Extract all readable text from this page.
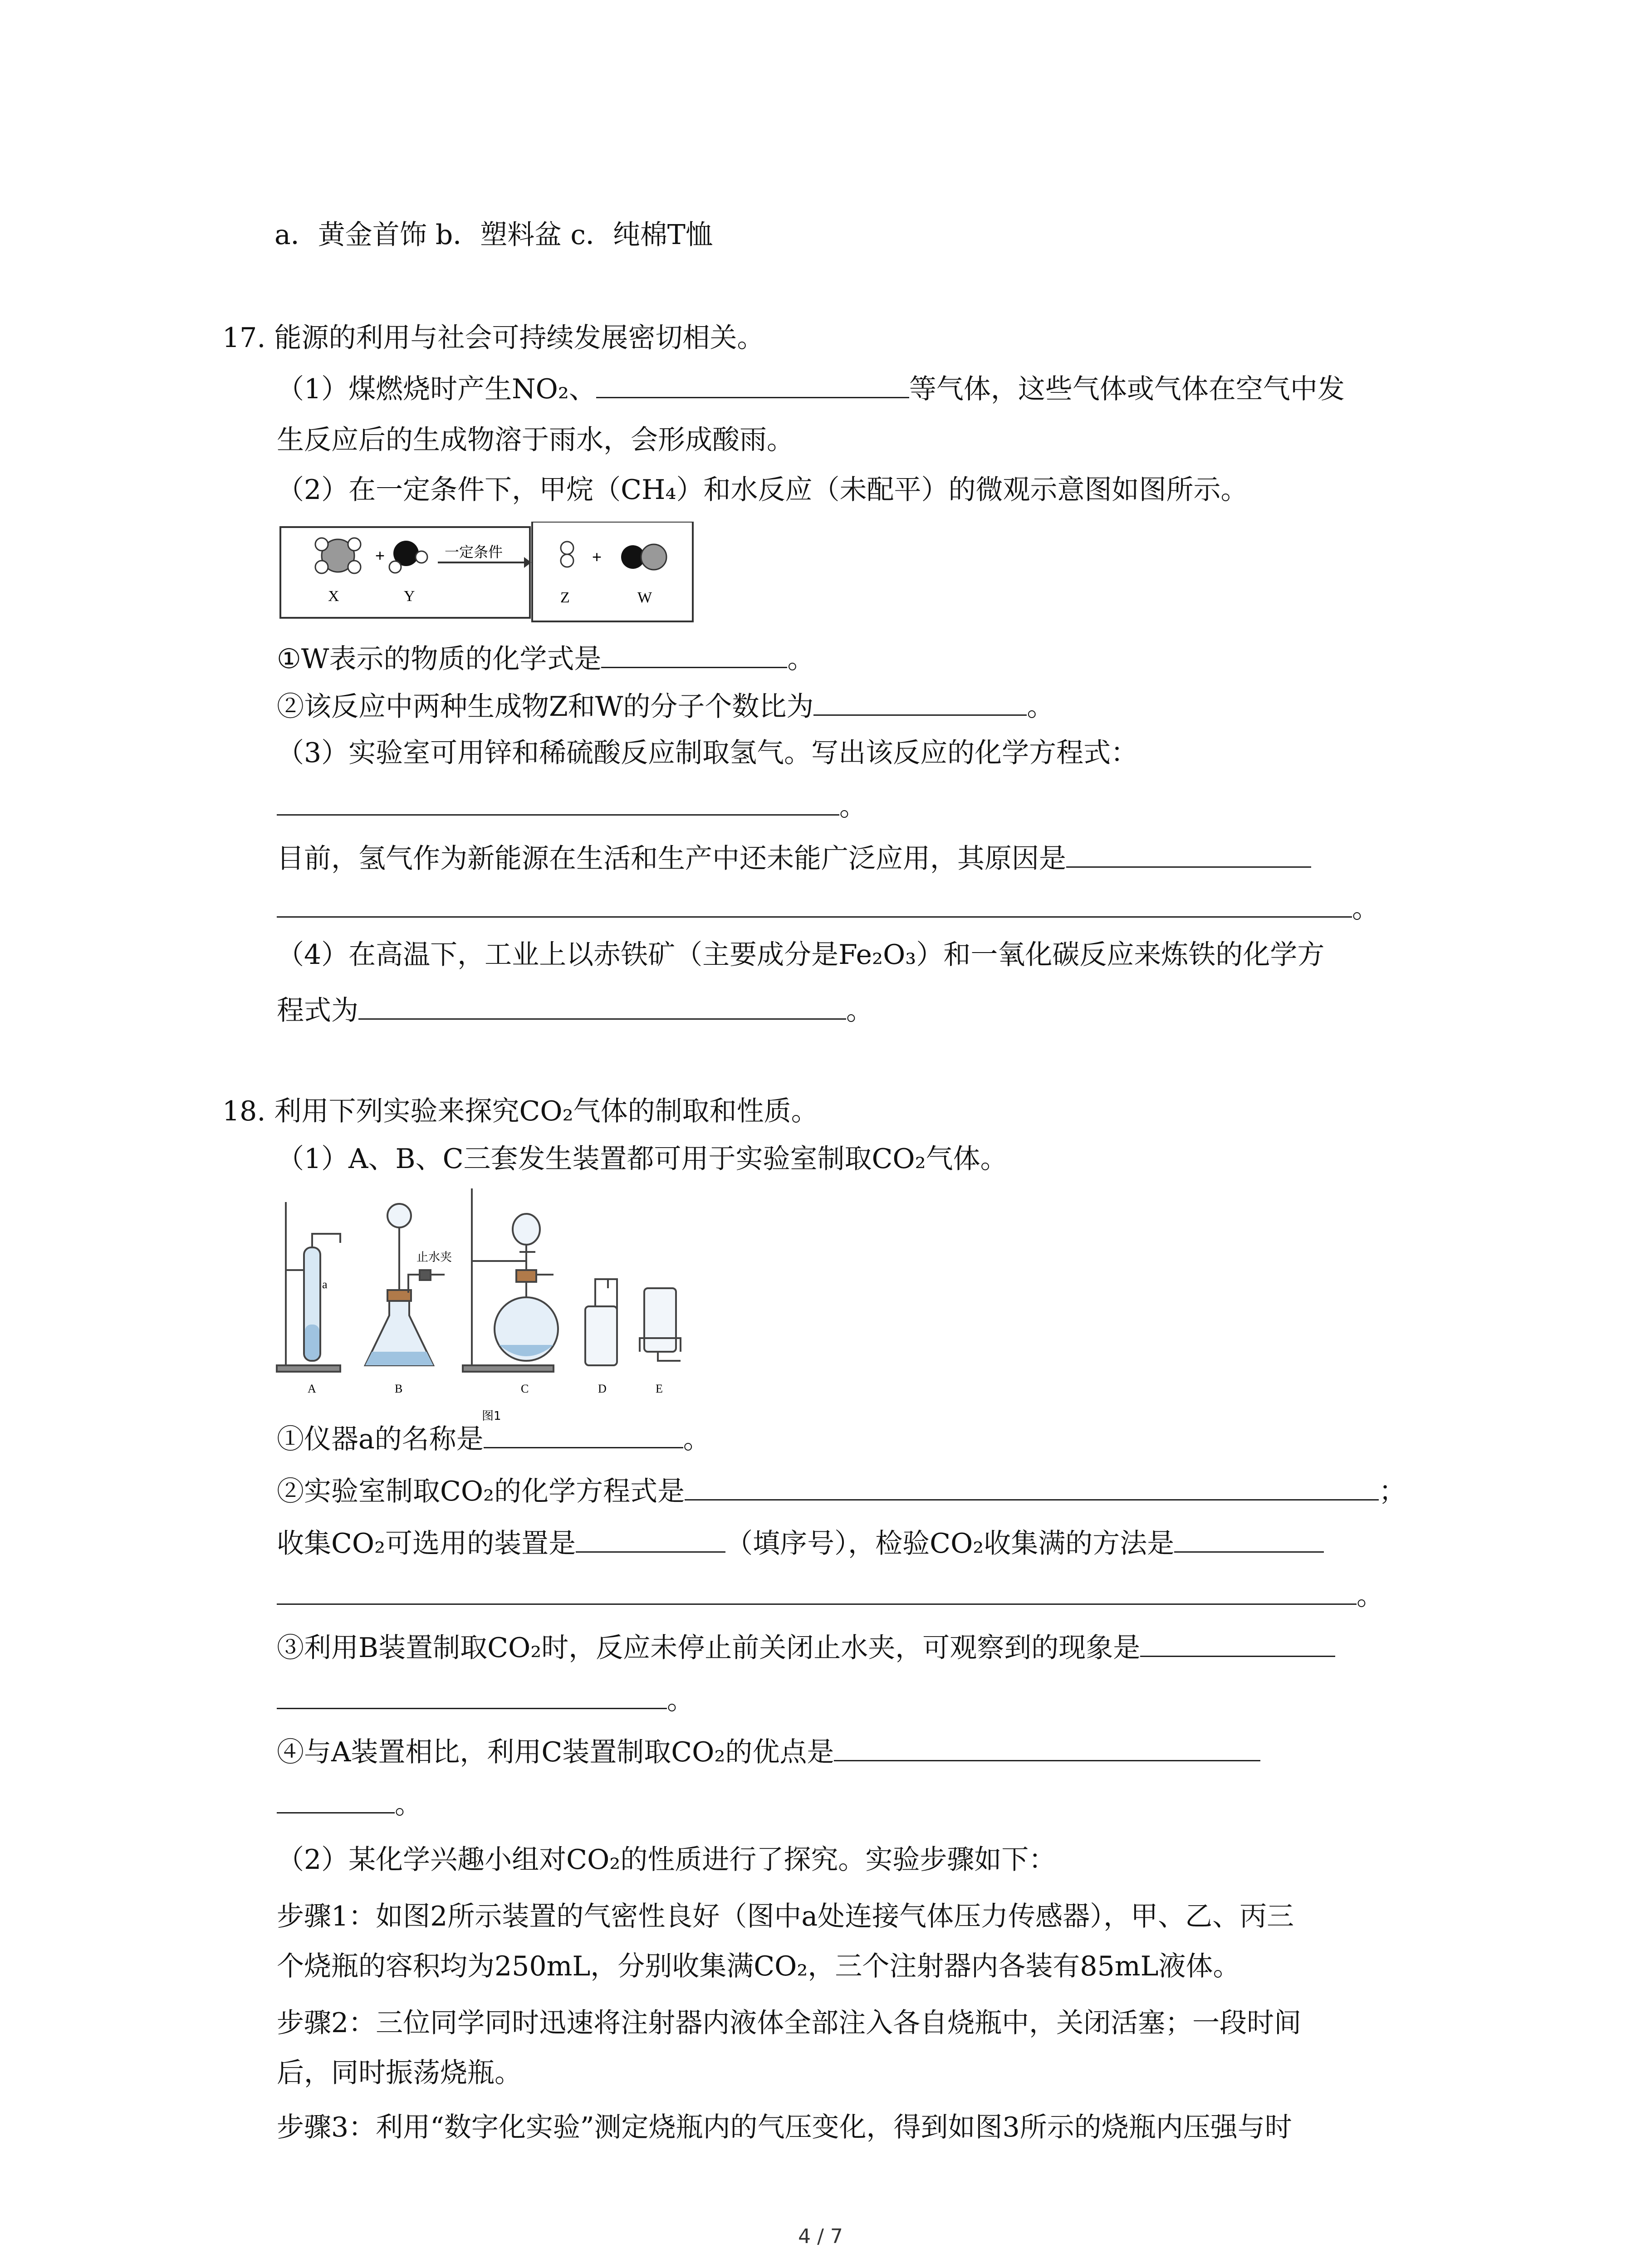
a．黄金首饰 b．塑料盆 c．纯棉T恤
17. 能源的利用与社会可持续发展密切相关。
（1）煤燃烧时产生NO₂、	等气体，这些气体或气体在空气中发
生反应后的生成物溶于雨水，会形成酸雨。
（2）在一定条件下，甲烷（CH₄）和水反应（未配平）的微观示意图如图所示。
+
X	Y
一定条件	+
Z	W
①W表示的物质的化学式是	。
②该反应中两种生成物Z和W的分子个数比为	。
（3）实验室可用锌和稀硫酸反应制取氢气。写出该反应的化学方程式：
。
目前，氢气作为新能源在生活和生产中还未能广泛应用，其原因是
。
（4）在高温下，工业上以赤铁矿（主要成分是Fe₂O₃）和一氧化碳反应来炼铁的化学方
程式为	。
18. 利用下列实验来探究CO₂气体的制取和性质。
（1）A、B、C三套发生装置都可用于实验室制取CO₂气体。
a
止水夹
A	B	C	D	E
图1
①仪器a的名称是	。
②实验室制取CO₂的化学方程式是	；
收集CO₂可选用的装置是	（填序号），检验CO₂收集满的方法是
。
③利用B装置制取CO₂时，反应未停止前关闭止水夹，可观察到的现象是
。
④与A装置相比，利用C装置制取CO₂的优点是
。
（2）某化学兴趣小组对CO₂的性质进行了探究。实验步骤如下：
步骤1：如图2所示装置的气密性良好（图中a处连接气体压力传感器），甲、乙、丙三
个烧瓶的容积均为250mL，分别收集满CO₂，三个注射器内各装有85mL液体。
步骤2：三位同学同时迅速将注射器内液体全部注入各自烧瓶中，关闭活塞；一段时间
后，同时振荡烧瓶。
步骤3：利用“数字化实验”测定烧瓶内的气压变化，得到如图3所示的烧瓶内压强与时
4 / 7
